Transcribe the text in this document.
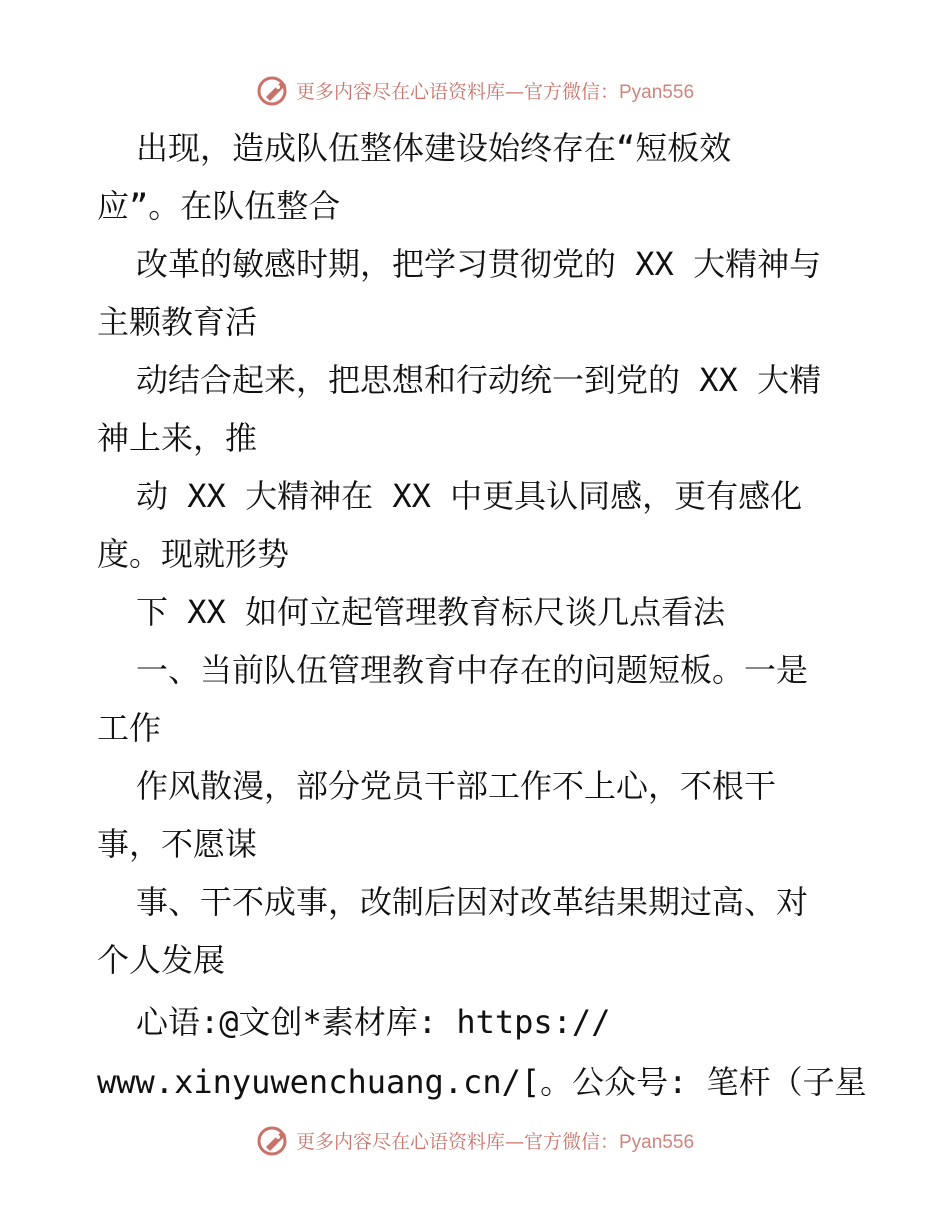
更多内容尽在心语资料库—官方微信：Pyan556
出现，造成队伍整体建设始终存在“短板效
应”。在队伍整合
改革的敏感时期，把学习贯彻党的 XX 大精神与
主颗教育活
动结合起来，把思想和行动统一到党的 XX 大精
神上来，推
动 XX 大精神在 XX 中更具认同感，更有感化
度。现就形势
下 XX 如何立起管理教育标尺谈几点看法
一、当前队伍管理教育中存在的问题短板。一是
工作
作风散漫，部分党员干部工作不上心，不根干
事，不愿谋
事、干不成事，改制后因对改革结果期过高、对
个人发展
心语:@文创*素材库: https://
www.xinyuwenchuang.cn/[。公众号: 笔杆（子星
更多内容尽在心语资料库—官方微信：Pyan556
